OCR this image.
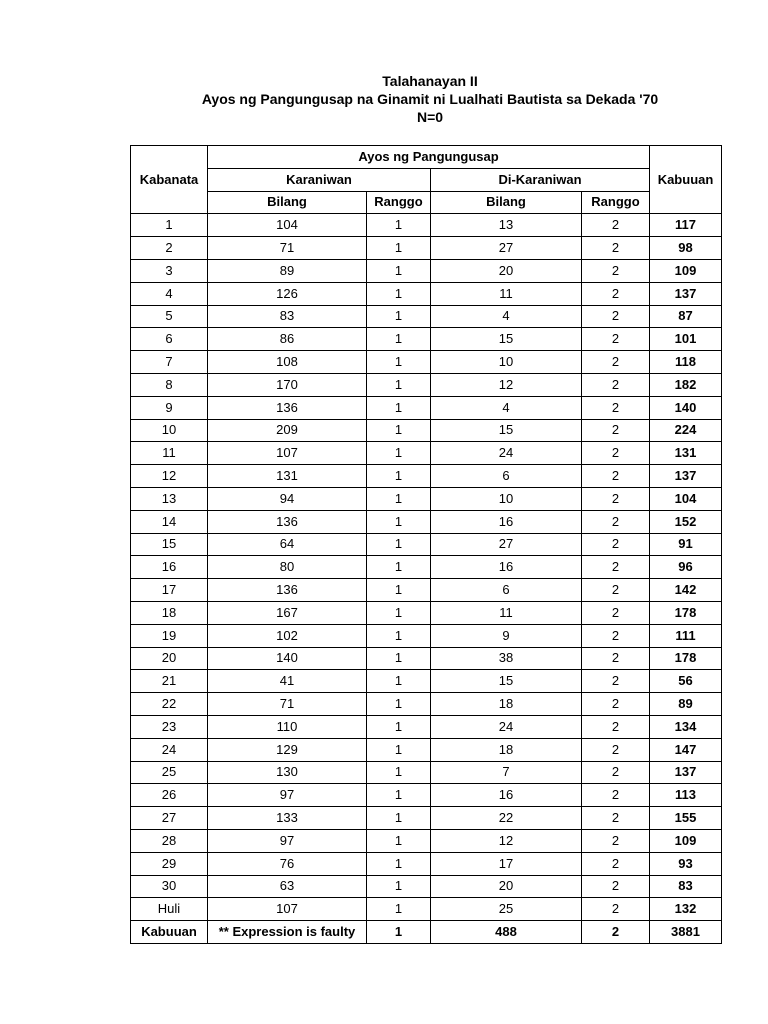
Talahanayan II
Ayos ng Pangungusap na Ginamit ni Lualhati Bautista sa Dekada '70
N=0
Kabanata	Ayos ng Pangungusap				Kabuuan
	Karaniwan		Di-Karaniwan		
	Bilang	Ranggo	Bilang	Ranggo	
1	104	1	13	2	117
2	71	1	27	2	98
3	89	1	20	2	109
4	126	1	11	2	137
5	83	1	4	2	87
6	86	1	15	2	101
7	108	1	10	2	118
8	170	1	12	2	182
9	136	1	4	2	140
10	209	1	15	2	224
11	107	1	24	2	131
12	131	1	6	2	137
13	94	1	10	2	104
14	136	1	16	2	152
15	64	1	27	2	91
16	80	1	16	2	96
17	136	1	6	2	142
18	167	1	11	2	178
19	102	1	9	2	111
20	140	1	38	2	178
21	41	1	15	2	56
22	71	1	18	2	89
23	110	1	24	2	134
24	129	1	18	2	147
25	130	1	7	2	137
26	97	1	16	2	113
27	133	1	22	2	155
28	97	1	12	2	109
29	76	1	17	2	93
30	63	1	20	2	83
Huli	107	1	25	2	132
Kabuuan	** Expression is faulty	1	488	2	3881
